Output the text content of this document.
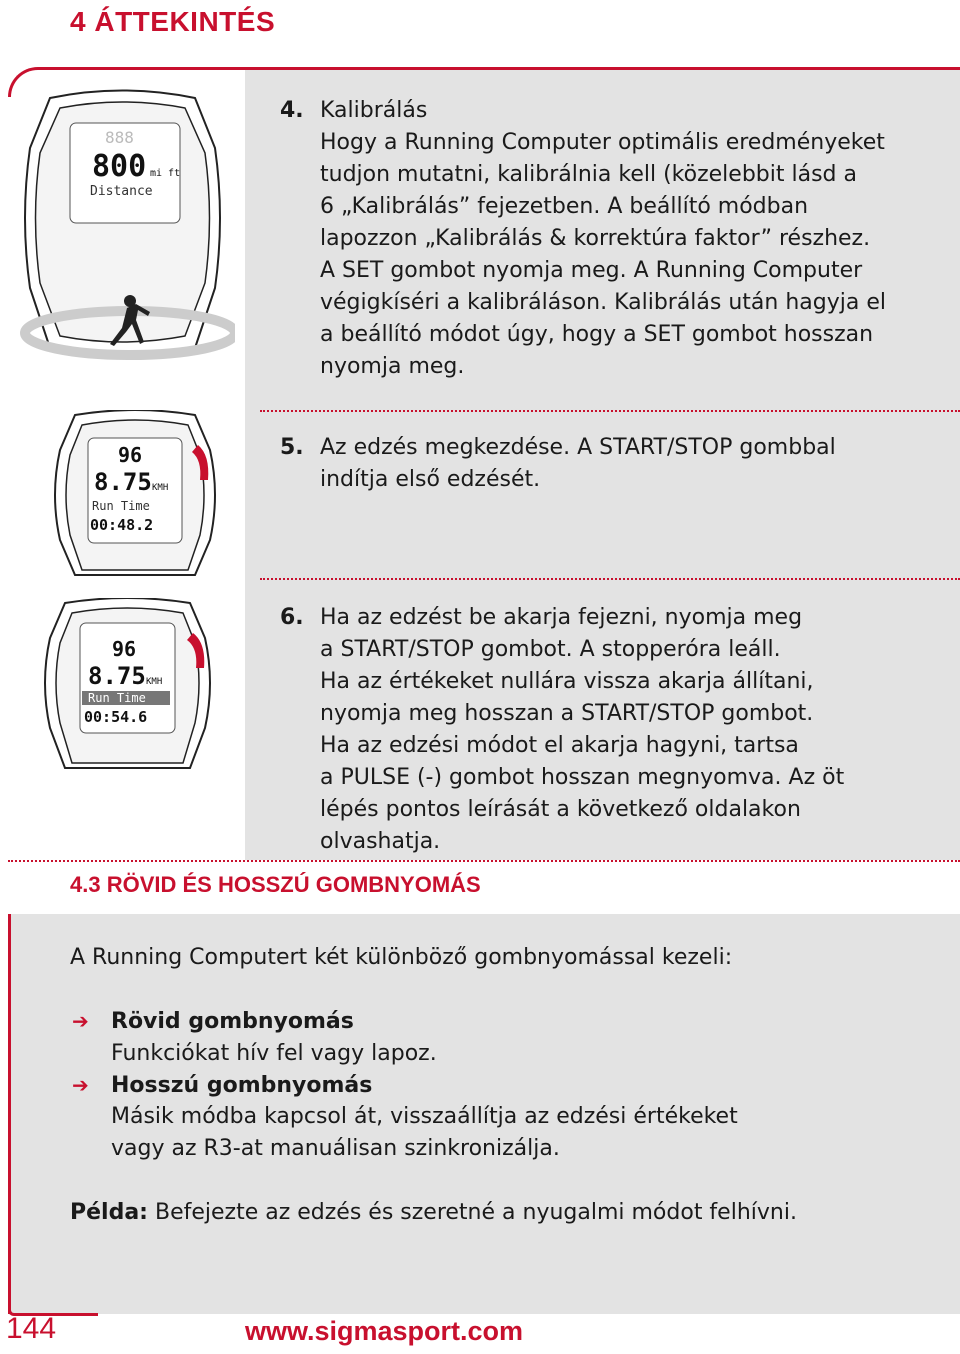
4 ÁTTEKINTÉS
4. Kalibrálás
Hogy a Running Computer optimális eredményeket
tudjon mutatni, kalibrálnia kell (közelebbit lásd a
6 „Kalibrálás” fejezetben. A beállító módban
lapozzon „Kalibrálás & korrektúra faktor” részhez.
A SET gombot nyomja meg. A Running Computer
végigkíséri a kalibráláson. Kalibrálás után hagyja el
a beállító módot úgy, hogy a SET gombot hosszan
nyomja meg.
888
800 mi ft
Distance
5. Az edzés megkezdése. A START/STOP gombbal
indítja első edzését.
96
8.75 KMH
Run Time
00:48.2
6. Ha az edzést be akarja fejezni, nyomja meg
a START/STOP gombot. A stopperóra leáll.
Ha az értékeket nullára vissza akarja állítani,
nyomja meg hosszan a START/STOP gombot.
Ha az edzési módot el akarja hagyni, tartsa
a PULSE (-) gombot hosszan megnyomva. Az öt
lépés pontos leírását a következő oldalakon
olvashatja.
96
8.75 KMH
Run Time
00:54.6
4.3 RÖVID ÉS HOSSZÚ GOMBNYOMÁS
A Running Computert két különböző gombnyomással kezeli:
➔ Rövid gombnyomás
Funkciókat hív fel vagy lapoz.
➔ Hosszú gombnyomás
Másik módba kapcsol át, visszaállítja az edzési értékeket
vagy az R3-at manuálisan szinkronizálja.
Példa: Befejezte az edzés és szeretné a nyugalmi módot felhívni.
144	www.sigmasport.com
